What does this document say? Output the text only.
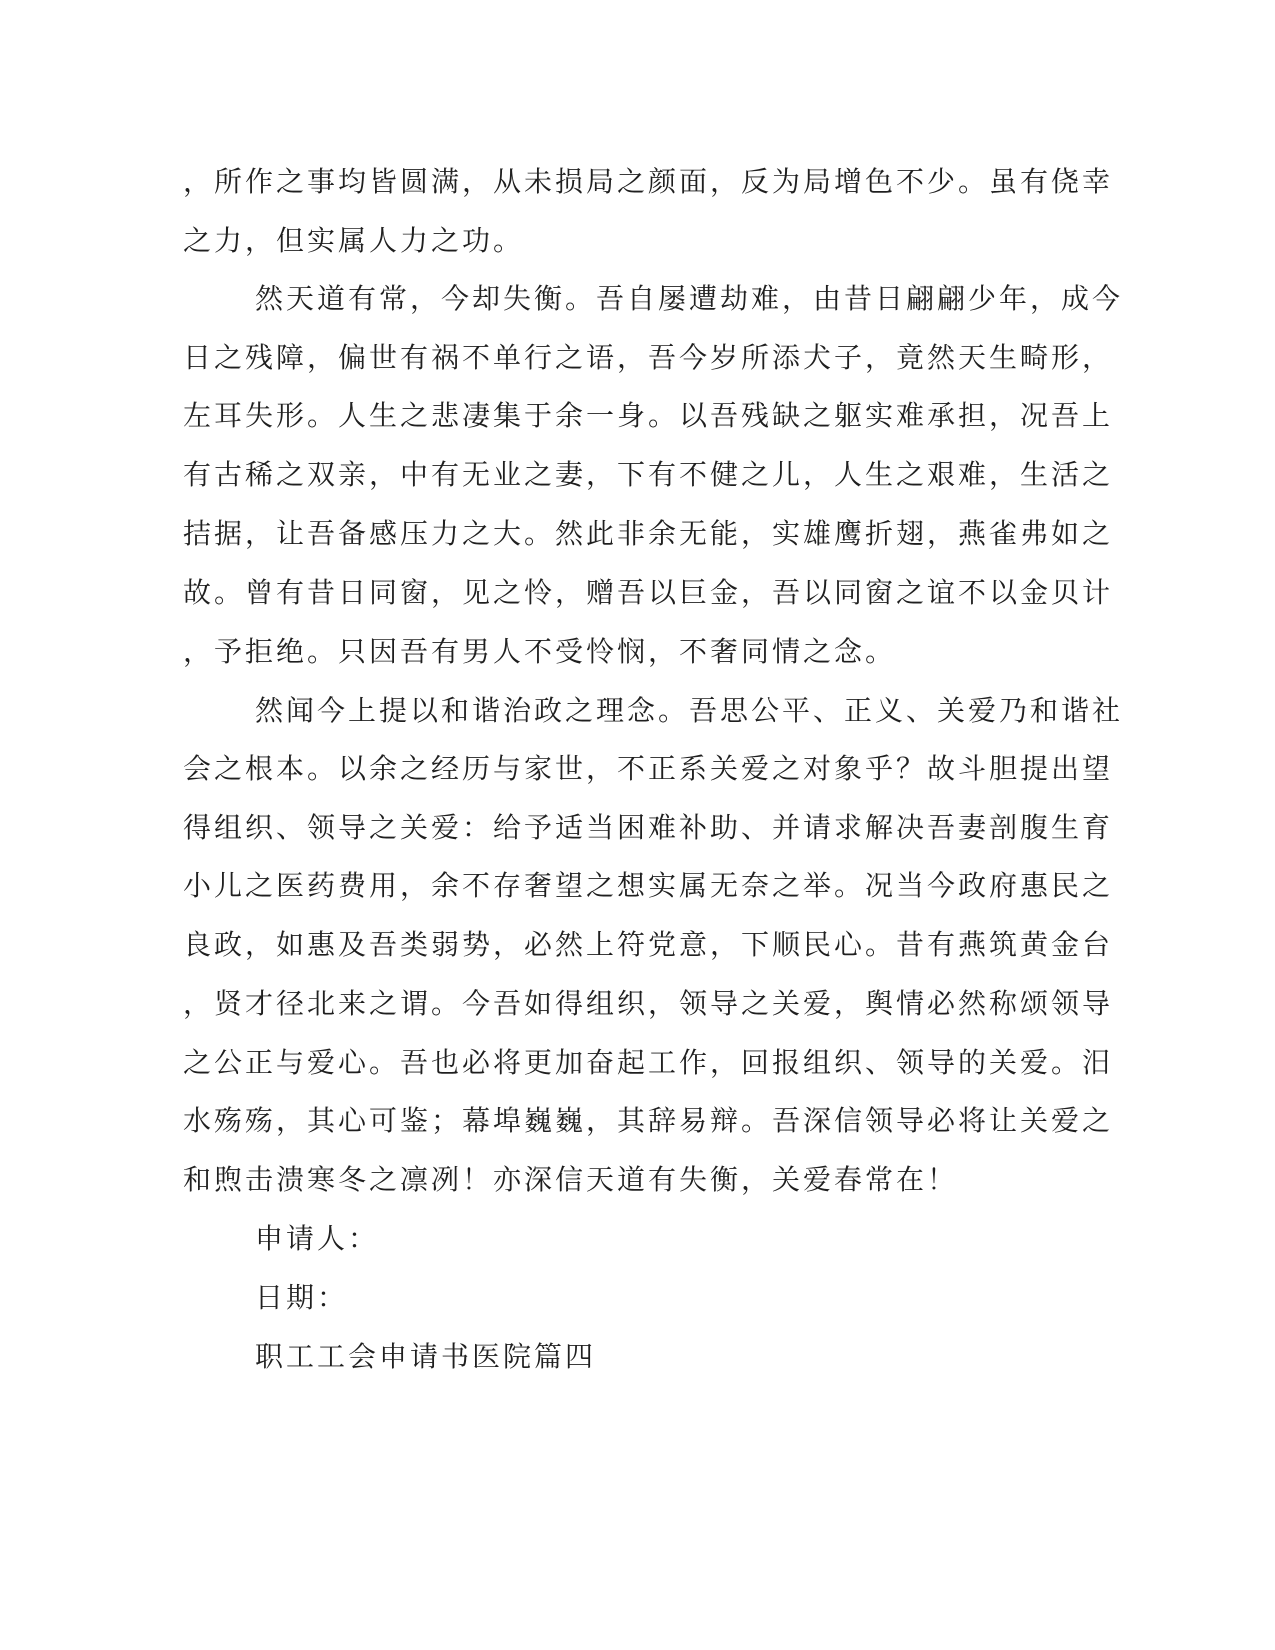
，所作之事均皆圆满，从未损局之颜面，反为局增色不少。虽有侥幸
之力，但实属人力之功。
然天道有常，今却失衡。吾自屡遭劫难，由昔日翩翩少年，成今
日之残障，偏世有祸不单行之语，吾今岁所添犬子，竟然天生畸形，
左耳失形。人生之悲凄集于余一身。以吾残缺之躯实难承担，况吾上
有古稀之双亲，中有无业之妻，下有不健之儿，人生之艰难，生活之
拮据，让吾备感压力之大。然此非余无能，实雄鹰折翅，燕雀弗如之
故。曾有昔日同窗，见之怜，赠吾以巨金，吾以同窗之谊不以金贝计
，予拒绝。只因吾有男人不受怜悯，不奢同情之念。
然闻今上提以和谐治政之理念。吾思公平、正义、关爱乃和谐社
会之根本。以余之经历与家世，不正系关爱之对象乎？故斗胆提出望
得组织、领导之关爱：给予适当困难补助、并请求解决吾妻剖腹生育
小儿之医药费用，余不存奢望之想实属无奈之举。况当今政府惠民之
良政，如惠及吾类弱势，必然上符党意，下顺民心。昔有燕筑黄金台
，贤才径北来之谓。今吾如得组织，领导之关爱，舆情必然称颂领导
之公正与爱心。吾也必将更加奋起工作，回报组织、领导的关爱。汨
水殇殇，其心可鉴；幕埠巍巍，其辞易辩。吾深信领导必将让关爱之
和煦击溃寒冬之凛冽！亦深信天道有失衡，关爱春常在！
申请人：
日期：
职工工会申请书医院篇四
